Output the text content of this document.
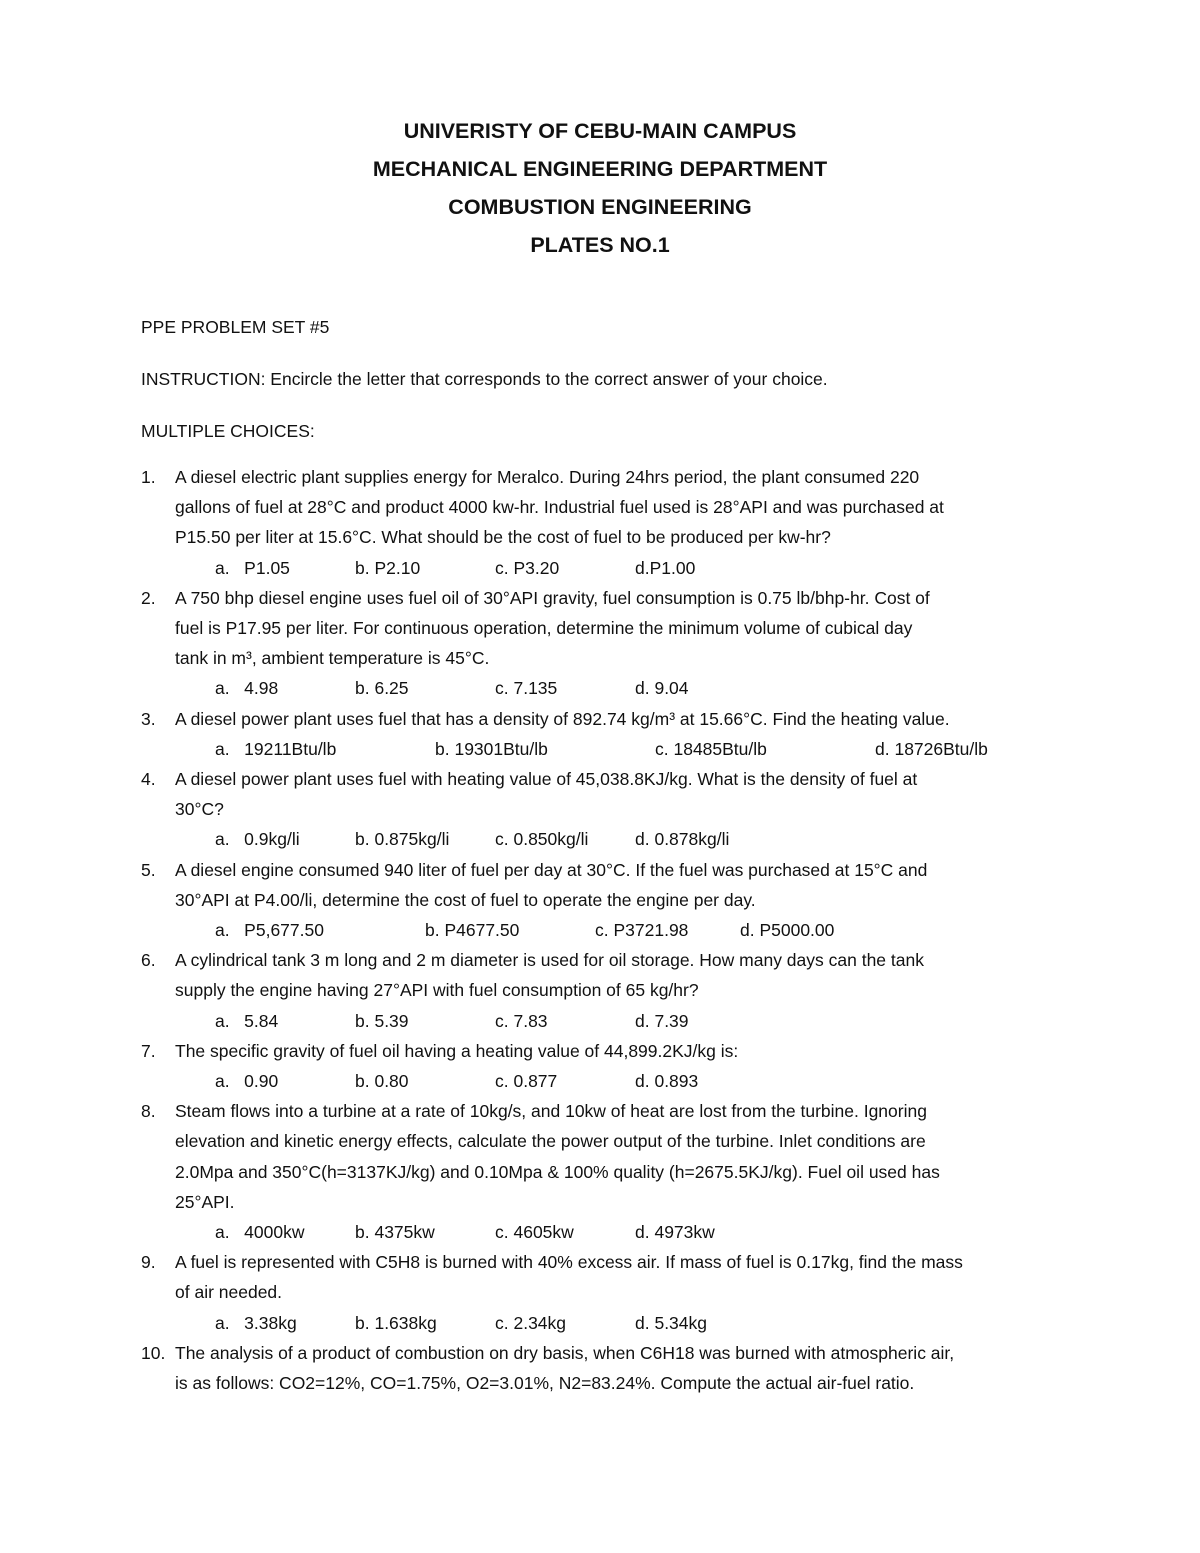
UNIVERISTY OF CEBU-MAIN CAMPUS
MECHANICAL ENGINEERING DEPARTMENT
COMBUSTION ENGINEERING
PLATES NO.1
PPE PROBLEM SET #5
INSTRUCTION: Encircle the letter that corresponds to the correct answer of your choice.
MULTIPLE CHOICES:
1. A diesel electric plant supplies energy for Meralco. During 24hrs period, the plant consumed 220
gallons of fuel at 28°C and product 4000 kw-hr. Industrial fuel used is 28°API and was purchased at
P15.50 per liter at 15.6°C. What should be the cost of fuel to be produced per kw-hr?
a.   P1.05	b. P2.10	c. P3.20	d.P1.00
2. A 750 bhp diesel engine uses fuel oil of 30°API gravity, fuel consumption is 0.75 lb/bhp-hr. Cost of
fuel is P17.95 per liter. For continuous operation, determine the minimum volume of cubical day
tank in m³, ambient temperature is 45°C.
a.   4.98	b. 6.25	c. 7.135	d. 9.04
3. A diesel power plant uses fuel that has a density of 892.74 kg/m³ at 15.66°C. Find the heating value.
a.   19211Btu/lb	b. 19301Btu/lb	c. 18485Btu/lb	d. 18726Btu/lb
4. A diesel power plant uses fuel with heating value of 45,038.8KJ/kg. What is the density of fuel at
30°C?
a.   0.9kg/li	b. 0.875kg/li	c. 0.850kg/li	d. 0.878kg/li
5. A diesel engine consumed 940 liter of fuel per day at 30°C. If the fuel was purchased at 15°C and
30°API at P4.00/li, determine the cost of fuel to operate the engine per day.
a.   P5,677.50	b. P4677.50	c. P3721.98	d. P5000.00
6. A cylindrical tank 3 m long and 2 m diameter is used for oil storage. How many days can the tank
supply the engine having 27°API with fuel consumption of 65 kg/hr?
a.   5.84	b. 5.39	c. 7.83	d. 7.39
7. The specific gravity of fuel oil having a heating value of 44,899.2KJ/kg is:
a.   0.90	b. 0.80	c. 0.877	d. 0.893
8. Steam flows into a turbine at a rate of 10kg/s, and 10kw of heat are lost from the turbine. Ignoring
elevation and kinetic energy effects, calculate the power output of the turbine. Inlet conditions are
2.0Mpa and 350°C(h=3137KJ/kg) and 0.10Mpa & 100% quality (h=2675.5KJ/kg). Fuel oil used has
25°API.
a.   4000kw	b. 4375kw	c. 4605kw	d. 4973kw
9. A fuel is represented with C5H8 is burned with 40% excess air. If mass of fuel is 0.17kg, find the mass
of air needed.
a.   3.38kg	b. 1.638kg	c. 2.34kg	d. 5.34kg
10. The analysis of a product of combustion on dry basis, when C6H18 was burned with atmospheric air,
is as follows: CO2=12%, CO=1.75%, O2=3.01%, N2=83.24%. Compute the actual air-fuel ratio.
